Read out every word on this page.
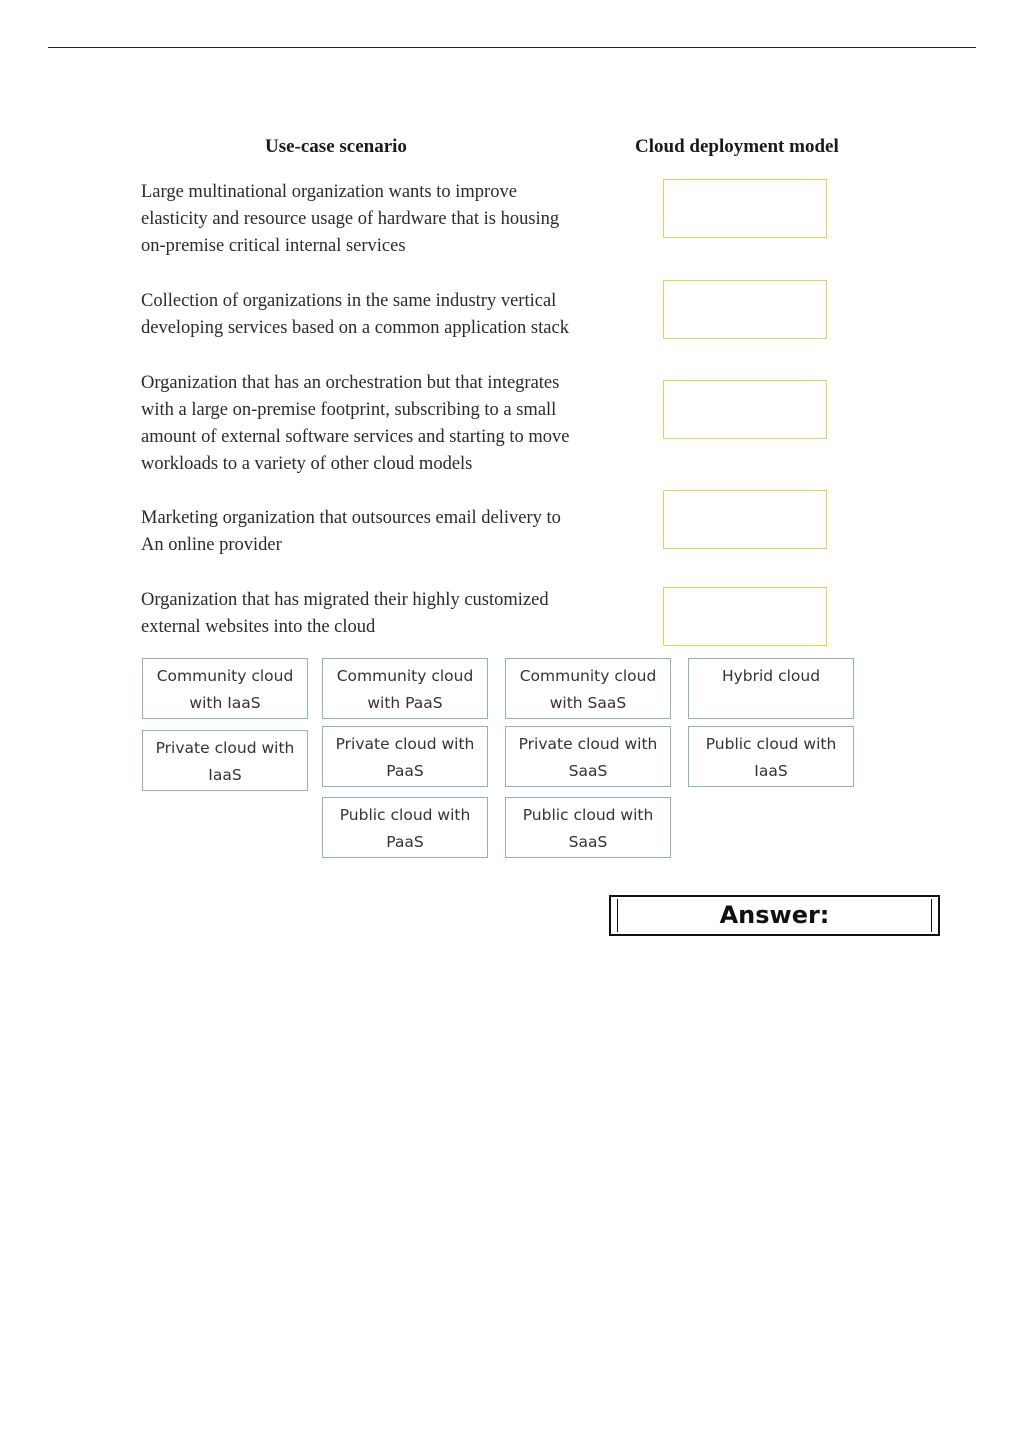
Use-case scenario	Cloud deployment model
Large multinational organization wants to improve
elasticity and resource usage of hardware that is housing
on-premise critical internal services
Collection of organizations in the same industry vertical
developing services based on a common application stack
Organization that has an orchestration but that integrates
with a large on-premise footprint, subscribing to a small
amount of external software services and starting to move
workloads to a variety of other cloud models
Marketing organization that outsources email delivery to
An online provider
Organization that has migrated their highly customized
external websites into the cloud
Community cloud
with IaaS
Community cloud
with PaaS
Community cloud
with SaaS
Hybrid cloud
Private cloud with
IaaS
Private cloud with
PaaS
Private cloud with
SaaS
Public cloud with
IaaS
Public cloud with
PaaS
Public cloud with
SaaS
Answer:
